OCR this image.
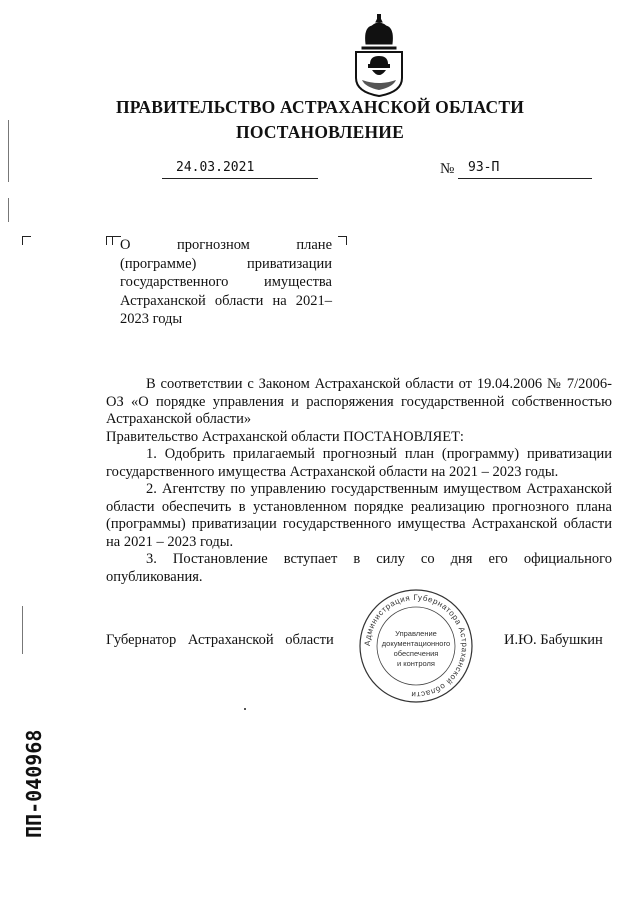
ПРАВИТЕЛЬСТВО АСТРАХАНСКОЙ ОБЛАСТИ
ПОСТАНОВЛЕНИЕ
24.03.2021	№ 93-П
О прогнозном плане
(программе) приватизации
государственного имущества
Астраханской области на 2021–
2023 годы

В соответствии с Законом Астраханской области от 19.04.2006 № 7/2006-ОЗ «О порядке управления и распоряжения государственной собственностью Астраханской области»

Правительство Астраханской области ПОСТАНОВЛЯЕТ:

1. Одобрить прилагаемый прогнозный план (программу) приватизации государственного имущества Астраханской области на 2021 – 2023 годы.

2. Агентству по управлению государственным имуществом Астраханской области обеспечить в установленном порядке реализацию прогнозного плана (программы) приватизации государственного имущества Астраханской области на 2021 – 2023 годы.

3. Постановление вступает в силу со дня его официального опубликования.

Губернатор Астраханской области	И.Ю. Бабушкин
Администрация Губернатора Астраханской области
Управление
документационного
обеспечения
и контроля
ПП-040968
